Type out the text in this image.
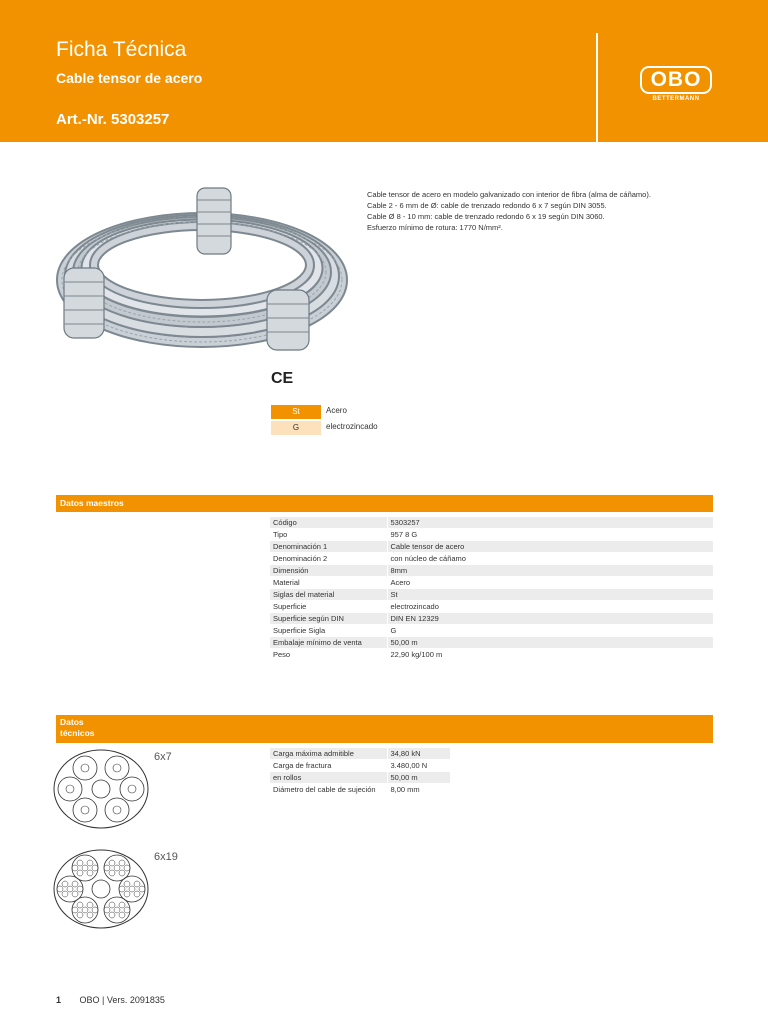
Ficha Técnica
Cable tensor de acero
Art.-Nr. 5303257
OBO
BETTERMANN
Cable tensor de acero en modelo galvanizado con interior de fibra (alma de cáñamo).
Cable 2 - 6 mm de Ø: cable de trenzado redondo 6 x 7 según DIN 3055.
Cable Ø 8 - 10 mm: cable de trenzado redondo 6 x 19 según DIN 3060.
Esfuerzo mínimo de rotura: 1770 N/mm².
CE
St	Acero
G	electrozincado
Datos maestros
Código	5303257
Tipo	957 8 G
Denominación 1	Cable tensor de acero
Denominación 2	con núcleo de cáñamo
Dimensión	8mm
Material	Acero
Siglas del material	St
Superficie	electrozincado
Superficie según DIN	DIN EN 12329
Superficie Sigla	G
Embalaje mínimo de venta	50,00 m
Peso	22,90 kg/100 m
Datos
técnicos
Carga máxima admitible	34,80 kN
Carga de fractura	3.480,00 N
en rollos	50,00 m
Diámetro del cable de sujeción	8,00 mm
6x7
6x19
1 OBO | Vers. 2091835
